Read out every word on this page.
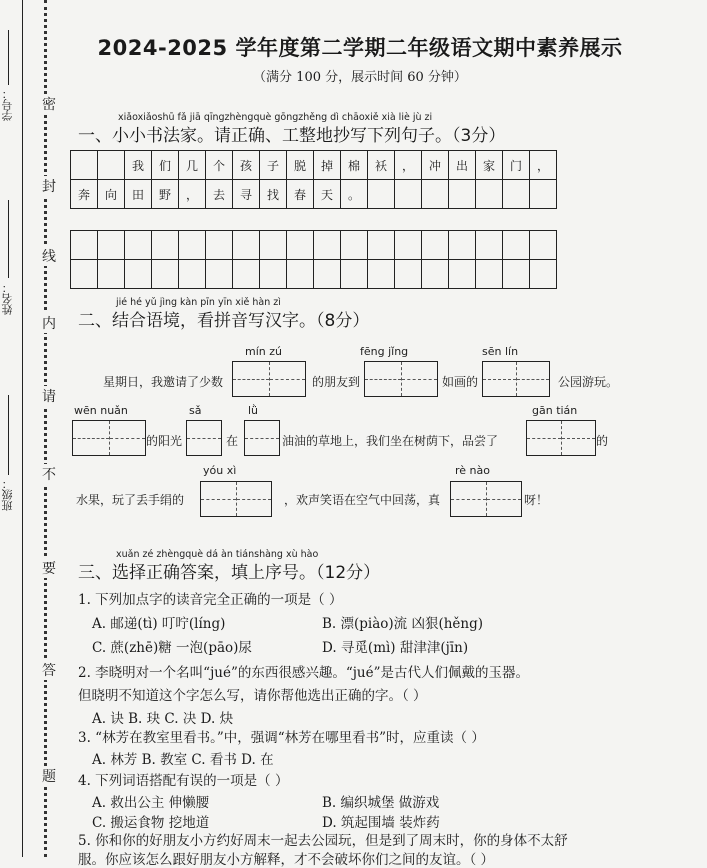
密
封
线
内
请
不
要
答
题
学号：
姓名：
班级：
2024-2025 学年度第二学期二年级语文期中素养展示
（满分 100 分，展示时间 60 分钟）
xiǎoxiǎoshū fǎ jiā qīngzhèngquè gōngzhěng dì chāoxiě xià liè jù zi
一、小小书法家。请正确、工整地抄写下列句子。（3分）
		我	们	几	个	孩	子	脱	掉	棉	袄	，	冲	出	家	门	，
奔	向	田	野	，	去	寻	找	春	天	。							

jié hé yǔ jìng kàn pīn yīn xiě hàn zì
二、结合语境，看拼音写汉字。（8分）
mín zú	fēng jǐng	sēn lín
星期日，我邀请了少数	的朋友到	如画的	公园游玩。
wēn nuǎn	sǎ	lǜ	gān tián
的阳光	在	油油的草地上，我们坐在树荫下，品尝了	的
yóu xì	rè nào
水果，玩了丢手绢的	，欢声笑语在空气中回荡，真	呀！
xuǎn zé zhèngquè dá àn tiánshàng xù hào
三、选择正确答案，填上序号。（12分）
1. 下列加点字的读音完全正确的一项是（ ）
A. 邮递(tì) 叮咛(líng)	B. 漂(piào)流 凶狠(hěng)
C. 蔗(zhē)糖 一泡(pāo)尿	D. 寻觅(mì) 甜津津(jīn)
2. 李晓明对一个名叫“jué”的东西很感兴趣。“jué”是古代人们佩戴的玉器。
但晓明不知道这个字怎么写，请你帮他选出正确的字。（ ）
A. 诀 B. 玦 C. 决 D. 炔
3. “林芳在教室里看书。”中，强调“林芳在哪里看书”时，应重读（ ）
A. 林芳 B. 教室 C. 看书 D. 在
4. 下列词语搭配有误的一项是（ ）
A. 救出公主 伸懒腰	B. 编织城堡 做游戏
C. 搬运食物 挖地道	D. 筑起围墙 装炸药
5. 你和你的好朋友小方约好周末一起去公园玩，但是到了周末时，你的身体不太舒
服。你应该怎么跟好朋友小方解释，才不会破坏你们之间的友谊。（ ）
